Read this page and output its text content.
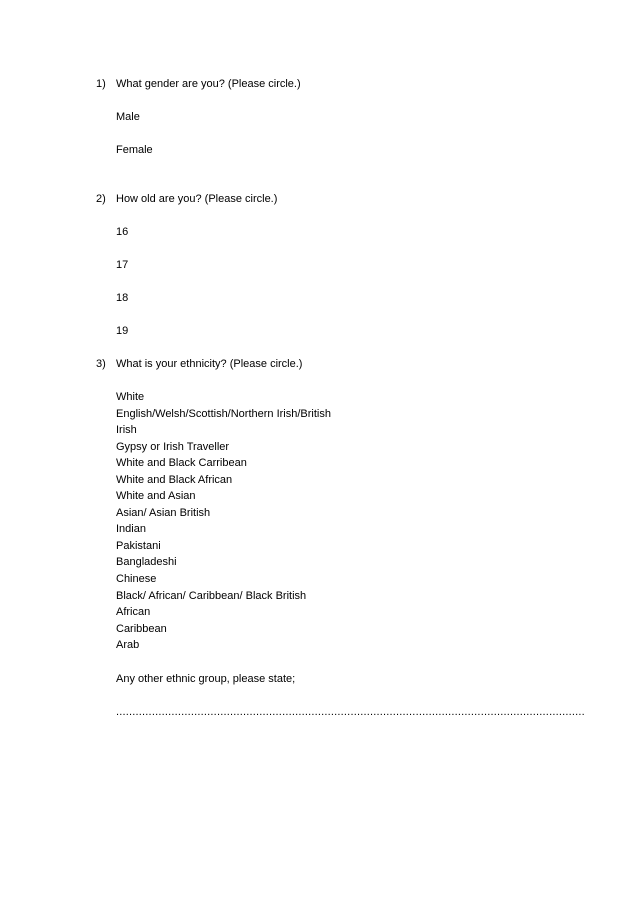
1) What gender are you? (Please circle.)
Male
Female
2) How old are you? (Please circle.)
16
17
18
19
3) What is your ethnicity? (Please circle.)
White
English/Welsh/Scottish/Northern Irish/British
Irish
Gypsy or Irish Traveller
White and Black Carribean
White and Black African
White and Asian
Asian/ Asian British
Indian
Pakistani
Bangladeshi
Chinese
Black/ African/ Caribbean/ Black British
African
Caribbean
Arab
Any other ethnic group, please state;
................................................................................................................................................
